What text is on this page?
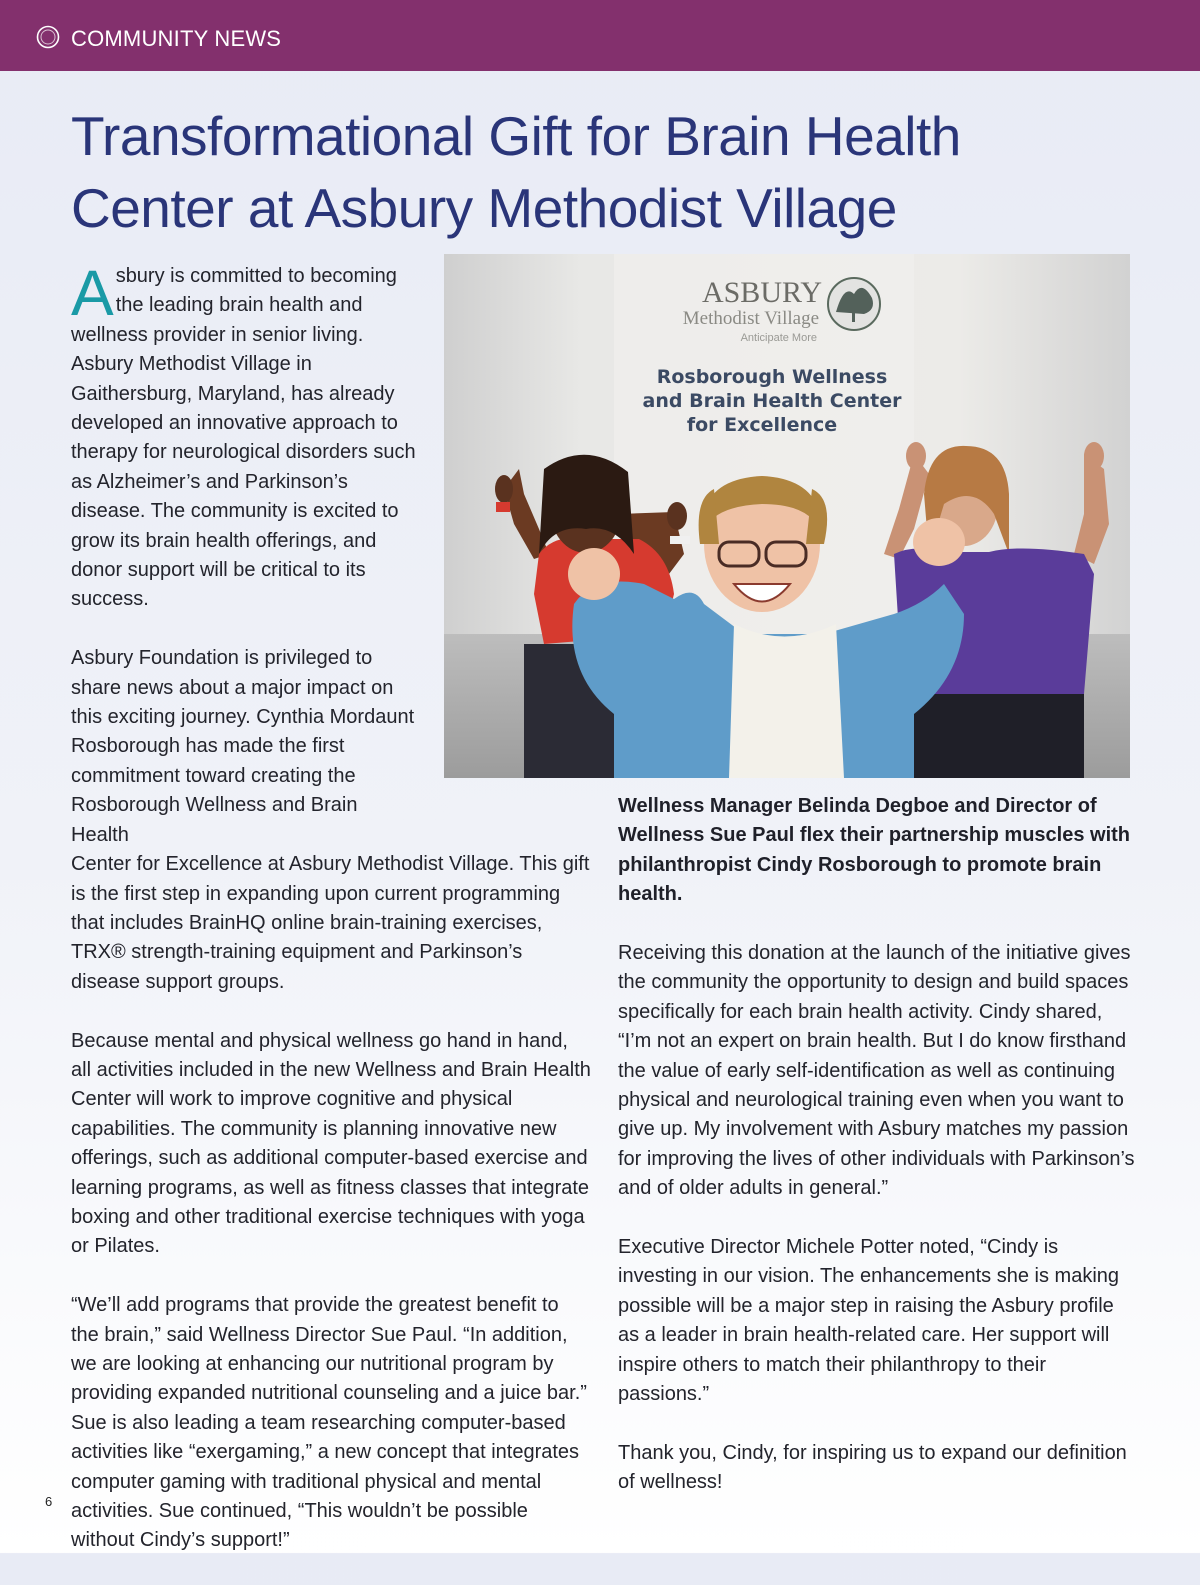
COMMUNITY NEWS
Transformational Gift for Brain Health Center at Asbury Methodist Village
ASBURY
Methodist Village
Anticipate More
Rosborough Wellness
and Brain Health Center
for Excellence

Asbury is committed to becoming the leading brain health and wellness provider in senior living. Asbury Methodist Village in Gaithersburg, Maryland, has already developed an innovative approach to therapy for neurological disorders such as Alzheimer’s and Parkinson’s disease. The community is excited to grow its brain health offerings, and donor support will be critical to its success.

Asbury Foundation is privileged to share news about a major impact on this exciting journey. Cynthia Mordaunt Rosborough has made the first commitment toward creating the Rosborough Wellness and Brain Health

Center for Excellence at Asbury Methodist Village. This gift is the first step in expanding upon current programming that includes BrainHQ online brain-training exercises, TRX® strength-training equipment and Parkinson’s disease support groups.

Because mental and physical wellness go hand in hand, all activities included in the new Wellness and Brain Health Center will work to improve cognitive and physical capabilities. The community is planning innovative new offerings, such as additional computer-based exercise and learning programs, as well as fitness classes that integrate boxing and other traditional exercise techniques with yoga or Pilates.

“We’ll add programs that provide the greatest benefit to the brain,” said Wellness Director Sue Paul. “In addition, we are looking at enhancing our nutritional program by providing expanded nutritional counseling and a juice bar.” Sue is also leading a team researching computer-based activities like “exergaming,” a new concept that integrates computer gaming with traditional physical and mental activities. Sue continued, “This wouldn’t be possible without Cindy’s support!”

Wellness Manager Belinda Degboe and Director of Wellness Sue Paul flex their partnership muscles with philanthropist Cindy Rosborough to promote brain health.

Receiving this donation at the launch of the initiative gives the community the opportunity to design and build spaces specifically for each brain health activity. Cindy shared, “I’m not an expert on brain health. But I do know firsthand the value of early self-identification as well as continuing physical and neurological training even when you want to give up. My involvement with Asbury matches my passion for improving the lives of other individuals with Parkinson’s and of older adults in general.”

Executive Director Michele Potter noted, “Cindy is investing in our vision. The enhancements she is making possible will be a major step in raising the Asbury profile as a leader in brain health-related care. Her support will inspire others to match their philanthropy to their passions.”

Thank you, Cindy, for inspiring us to expand our definition of wellness!

6
